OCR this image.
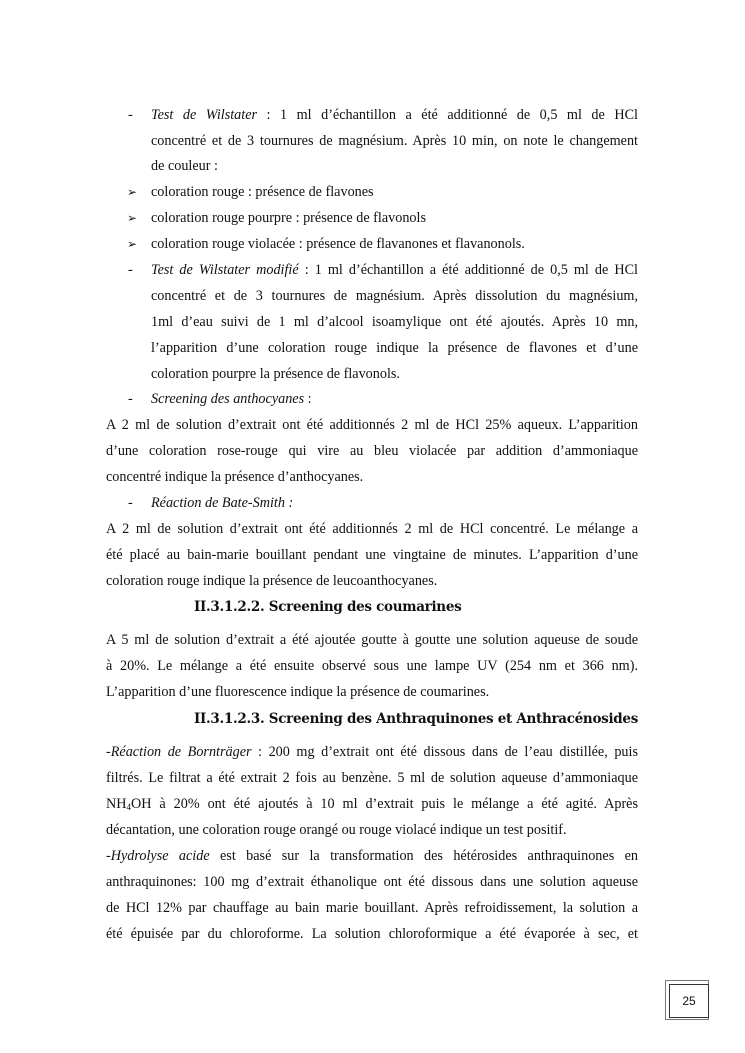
- Test de Wilstater : 1 ml d’échantillon a été additionné de 0,5 ml de HCl
concentré et de 3 tournures de magnésium. Après 10 min, on note le changement
de couleur :
➢ coloration rouge : présence de flavones
➢ coloration rouge pourpre : présence de flavonols
➢ coloration rouge violacée : présence de flavanones et flavanonols.
- Test de Wilstater modifié : 1 ml d’échantillon a été additionné de 0,5 ml de HCl
concentré et de 3 tournures de magnésium. Après dissolution du magnésium,
1ml d’eau suivi de 1 ml d’alcool isoamylique ont été ajoutés. Après 10 mn,
l’apparition d’une coloration rouge indique la présence de flavones et d’une
coloration pourpre la présence de flavonols.
- Screening des anthocyanes :
A 2 ml de solution d’extrait ont été additionnés 2 ml de HCl 25% aqueux. L’apparition
d’une coloration rose-rouge qui vire au bleu violacée par addition d’ammoniaque
concentré indique la présence d’anthocyanes.
- Réaction de Bate-Smith :
A 2 ml de solution d’extrait ont été additionnés 2 ml de HCl concentré. Le mélange a
été placé au bain-marie bouillant pendant une vingtaine de minutes. L’apparition d’une
coloration rouge indique la présence de leucoanthocyanes.
II.3.1.2.2. Screening des coumarines
A 5 ml de solution d’extrait a été ajoutée goutte à goutte une solution aqueuse de soude
à 20%. Le mélange a été ensuite observé sous une lampe UV (254 nm et 366 nm).
L’apparition d’une fluorescence indique la présence de coumarines.
II.3.1.2.3. Screening des Anthraquinones et Anthracénosides
-Réaction de Bornträger : 200 mg d’extrait ont été dissous dans de l’eau distillée, puis
filtrés. Le filtrat a été extrait 2 fois au benzène. 5 ml de solution aqueuse d’ammoniaque
$NH_4OH$ à 20% ont été ajoutés à 10 ml d’extrait puis le mélange a été agité. Après
décantation, une coloration rouge orangé ou rouge violacé indique un test positif.
-Hydrolyse acide est basé sur la transformation des hétérosides anthraquinones en
anthraquinones: 100 mg d’extrait éthanolique ont été dissous dans une solution aqueuse
de HCl 12% par chauffage au bain marie bouillant. Après refroidissement, la solution a
été épuisée par du chloroforme. La solution chloroformique a été évaporée à sec, et
25
